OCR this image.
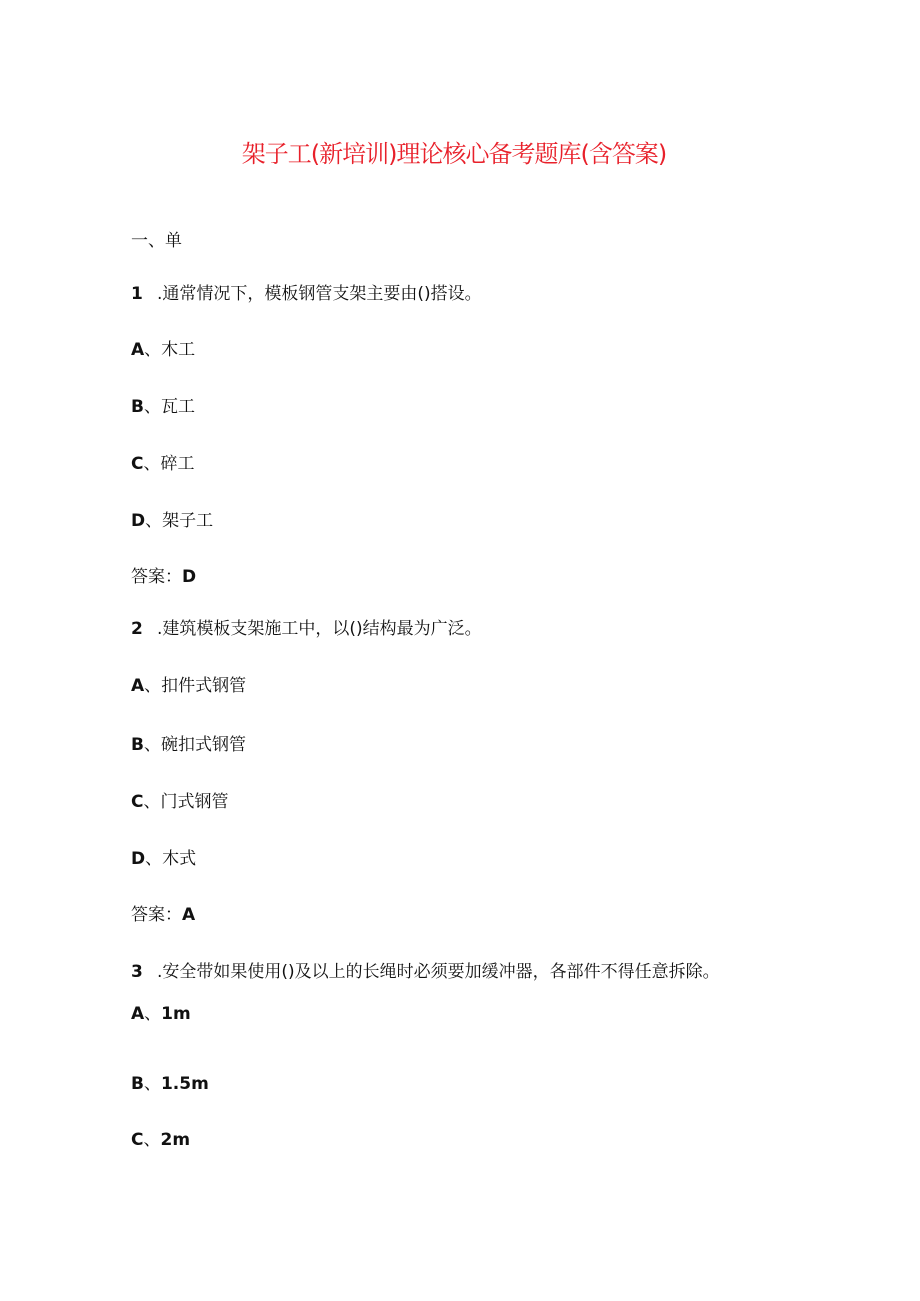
架子工(新培训)理论核心备考题库(含答案)
一、单
1 .通常情况下，模板钢管支架主要由()搭设。
A、木工
B、瓦工
C、碎工
D、架子工
答案：D
2 .建筑模板支架施工中，以()结构最为广泛。
A、扣件式钢管
B、碗扣式钢管
C、门式钢管
D、木式
答案：A
3 .安全带如果使用()及以上的长绳时必须要加缓冲器，各部件不得任意拆除。
A、1m
B、1.5m
C、2m
